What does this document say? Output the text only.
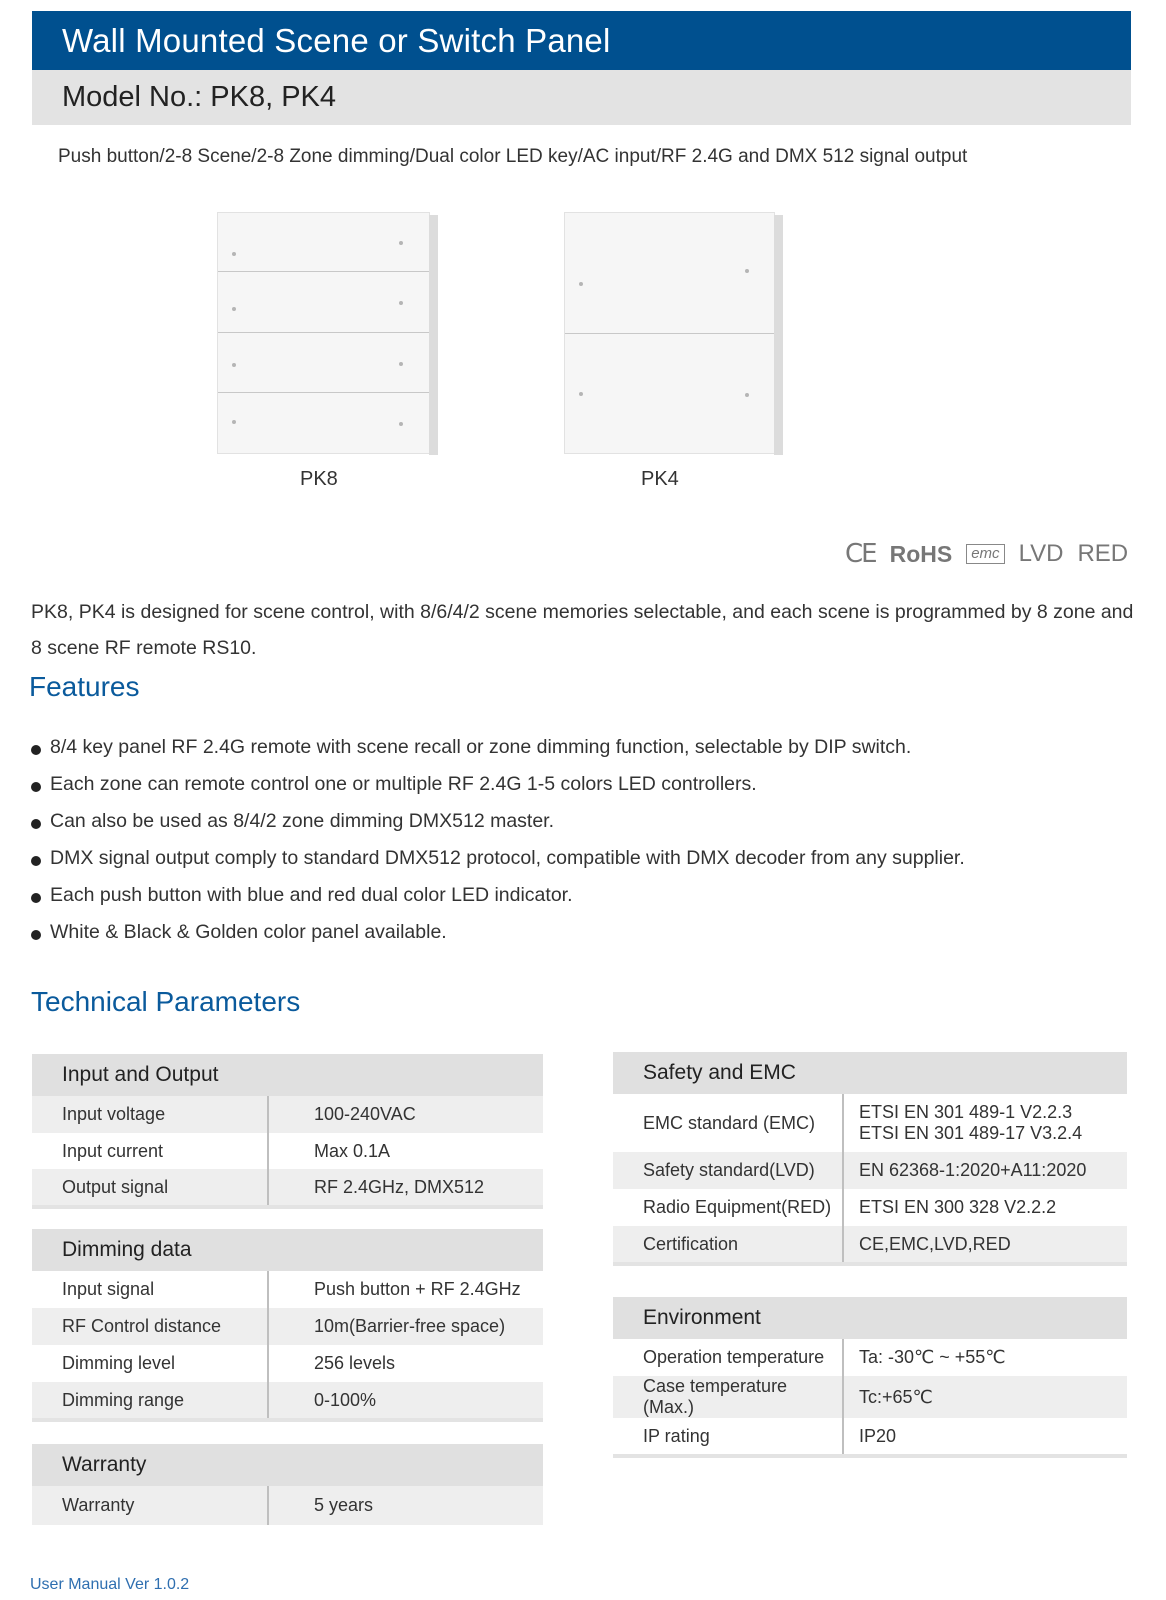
Wall Mounted Scene or Switch Panel
Model No.: PK8, PK4
Push button/2-8 Scene/2-8 Zone dimming/Dual color LED key/AC input/RF 2.4G and DMX 512 signal output
PK8	PK4
CE RoHS	emc LVD RED
PK8, PK4 is designed for scene control, with 8/6/4/2 scene memories selectable, and each scene is programmed by 8 zone and 8 scene RF remote RS10.
Features
8/4 key panel RF 2.4G remote with scene recall or zone dimming function, selectable by DIP switch.
Each zone can remote control one or multiple RF 2.4G 1-5 colors LED controllers.
Can also be used as 8/4/2 zone dimming DMX512 master.
DMX signal output comply to standard DMX512 protocol, compatible with DMX decoder from any supplier.
Each push button with blue and red dual color LED indicator.
White & Black & Golden color panel available.
Technical Parameters
Input and Output	
Input voltage	100-240VAC
Input current	Max 0.1A
Output signal	RF 2.4GHz, DMX512
Dimming data	
Input signal	Push button + RF 2.4GHz
RF Control distance	10m(Barrier-free space)
Dimming level	256 levels
Dimming range	0-100%
Warranty
Warranty	5 years
Safety and EMC	
EMC standard (EMC)	ETSI EN 301 489-1 V2.2.3
ETSI EN 301 489-17 V3.2.4

Safety standard(LVD)	EN 62368-1:2020+A11:2020
Radio Equipment(RED)	ETSI EN 300 328 V2.2.2
Certification	CE,EMC,LVD,RED
Environment	
Operation temperature	Ta: -30℃ ~ +55℃
Case temperature (Max.)	Tc:+65℃
IP rating	IP20
User Manual Ver 1.0.2
